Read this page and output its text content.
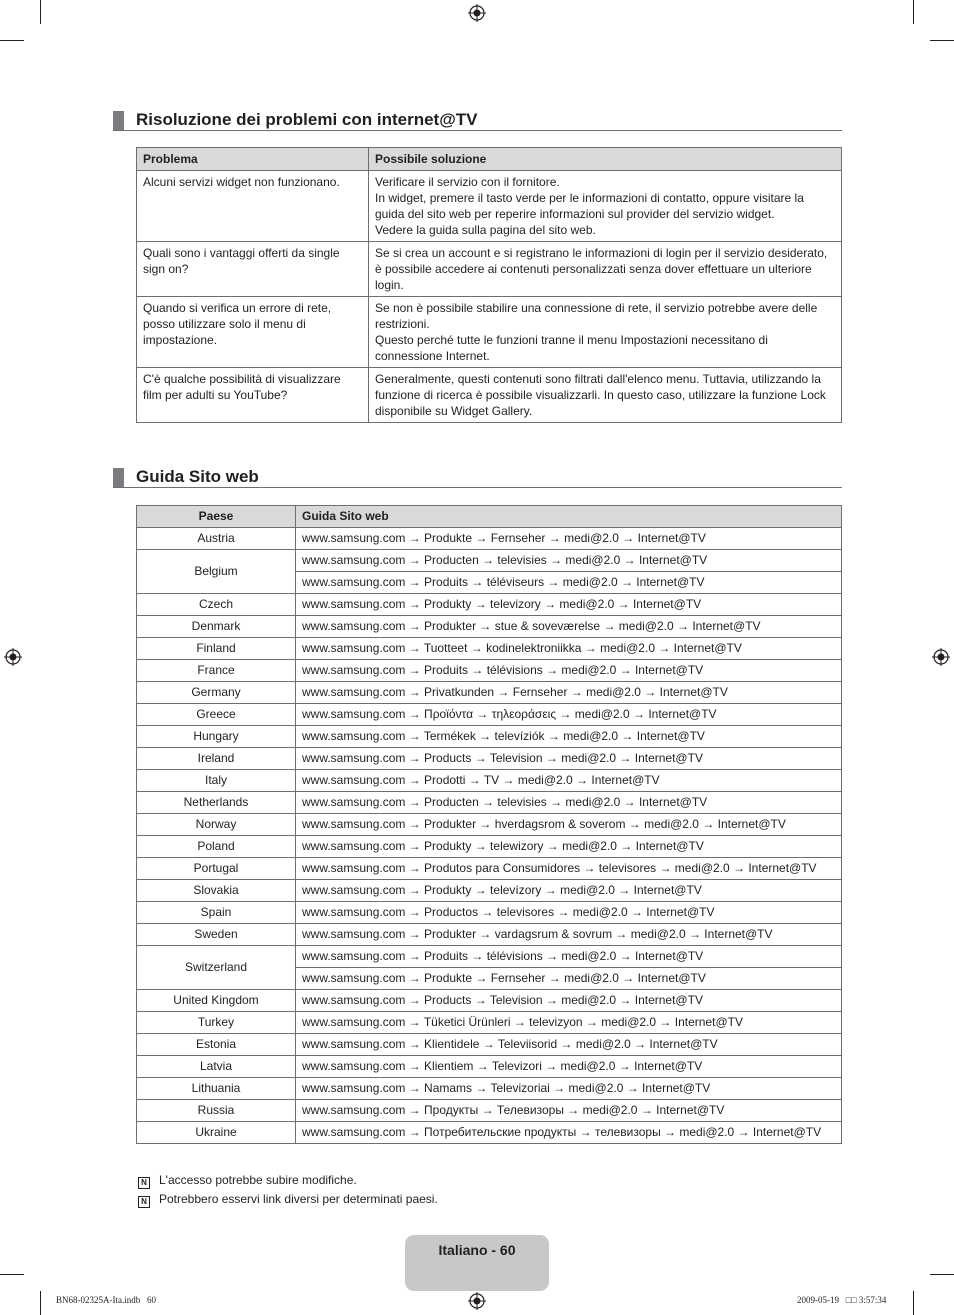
Risoluzione dei problemi con internet@TV
Problema	Possibile soluzione
Alcuni servizi widget non funzionano.	Verificare il servizio con il fornitore.
In widget, premere il tasto verde per le informazioni di contatto, oppure visitare la guida del sito web per reperire informazioni sul provider del servizio widget.
Vedere la guida sulla pagina del sito web.
Quali sono i vantaggi offerti da single sign on?	Se si crea un account e si registrano le informazioni di login per il servizio desiderato, è possibile accedere ai contenuti personalizzati senza dover effettuare un ulteriore login.
Quando si verifica un errore di rete, posso utilizzare solo il menu di impostazione.	Se non è possibile stabilire una connessione di rete, il servizio potrebbe avere delle restrizioni.
Questo perché tutte le funzioni tranne il menu Impostazioni necessitano di connessione Internet.
C'è qualche possibilità di visualizzare film per adulti su YouTube?	Generalmente, questi contenuti sono filtrati dall'elenco menu. Tuttavia, utilizzando la funzione di ricerca è possibile visualizzarli. In questo caso, utilizzare la funzione Lock disponibile su Widget Gallery.
Guida Sito web
Paese	Guida Sito web
Austria	www.samsung.com → Produkte → Fernseher → medi@2.0 → Internet@TV
Belgium	www.samsung.com → Producten → televisies → medi@2.0 → Internet@TV
	www.samsung.com → Produits → téléviseurs → medi@2.0 → Internet@TV
Czech	www.samsung.com → Produkty → televizory → medi@2.0 → Internet@TV
Denmark	www.samsung.com → Produkter → stue & soveværelse → medi@2.0 → Internet@TV
Finland	www.samsung.com → Tuotteet → kodinelektroniikka → medi@2.0 → Internet@TV
France	www.samsung.com → Produits → télévisions → medi@2.0 → Internet@TV
Germany	www.samsung.com → Privatkunden → Fernseher → medi@2.0 → Internet@TV
Greece	www.samsung.com → Προϊόντα → τηλεοράσεις → medi@2.0 → Internet@TV
Hungary	www.samsung.com → Termékek → televíziók → medi@2.0 → Internet@TV
Ireland	www.samsung.com → Products → Television → medi@2.0 → Internet@TV
Italy	www.samsung.com → Prodotti → TV → medi@2.0 → Internet@TV
Netherlands	www.samsung.com → Producten → televisies → medi@2.0 → Internet@TV
Norway	www.samsung.com → Produkter → hverdagsrom & soverom → medi@2.0 → Internet@TV
Poland	www.samsung.com → Produkty → telewizory → medi@2.0 → Internet@TV
Portugal	www.samsung.com → Produtos para Consumidores → televisores → medi@2.0 → Internet@TV
Slovakia	www.samsung.com → Produkty → televízory → medi@2.0 → Internet@TV
Spain	www.samsung.com → Productos → televisores → medi@2.0 → Internet@TV
Sweden	www.samsung.com → Produkter → vardagsrum & sovrum → medi@2.0 → Internet@TV
Switzerland	www.samsung.com → Produits → télévisions → medi@2.0 → Internet@TV
	www.samsung.com → Produkte → Fernseher → medi@2.0 → Internet@TV
United Kingdom	www.samsung.com → Products → Television → medi@2.0 → Internet@TV
Turkey	www.samsung.com → Tüketici Ürünleri → televizyon → medi@2.0 → Internet@TV
Estonia	www.samsung.com → Klientidele → Televiisorid → medi@2.0 → Internet@TV
Latvia	www.samsung.com → Klientiem → Televizori → medi@2.0 → Internet@TV
Lithuania	www.samsung.com → Namams → Televizoriai → medi@2.0 → Internet@TV
Russia	www.samsung.com → Продукты → Телевизоры → medi@2.0 → Internet@TV
Ukraine	www.samsung.com → Потребительские продукты → телевизоры → medi@2.0 → Internet@TV
N L'accesso potrebbe subire modifiche.
N Potrebbero esservi link diversi per determinati paesi.
Italiano - 60
BN68-02325A-Ita.indb   60	2009-05-19   □□ 3:57:34
